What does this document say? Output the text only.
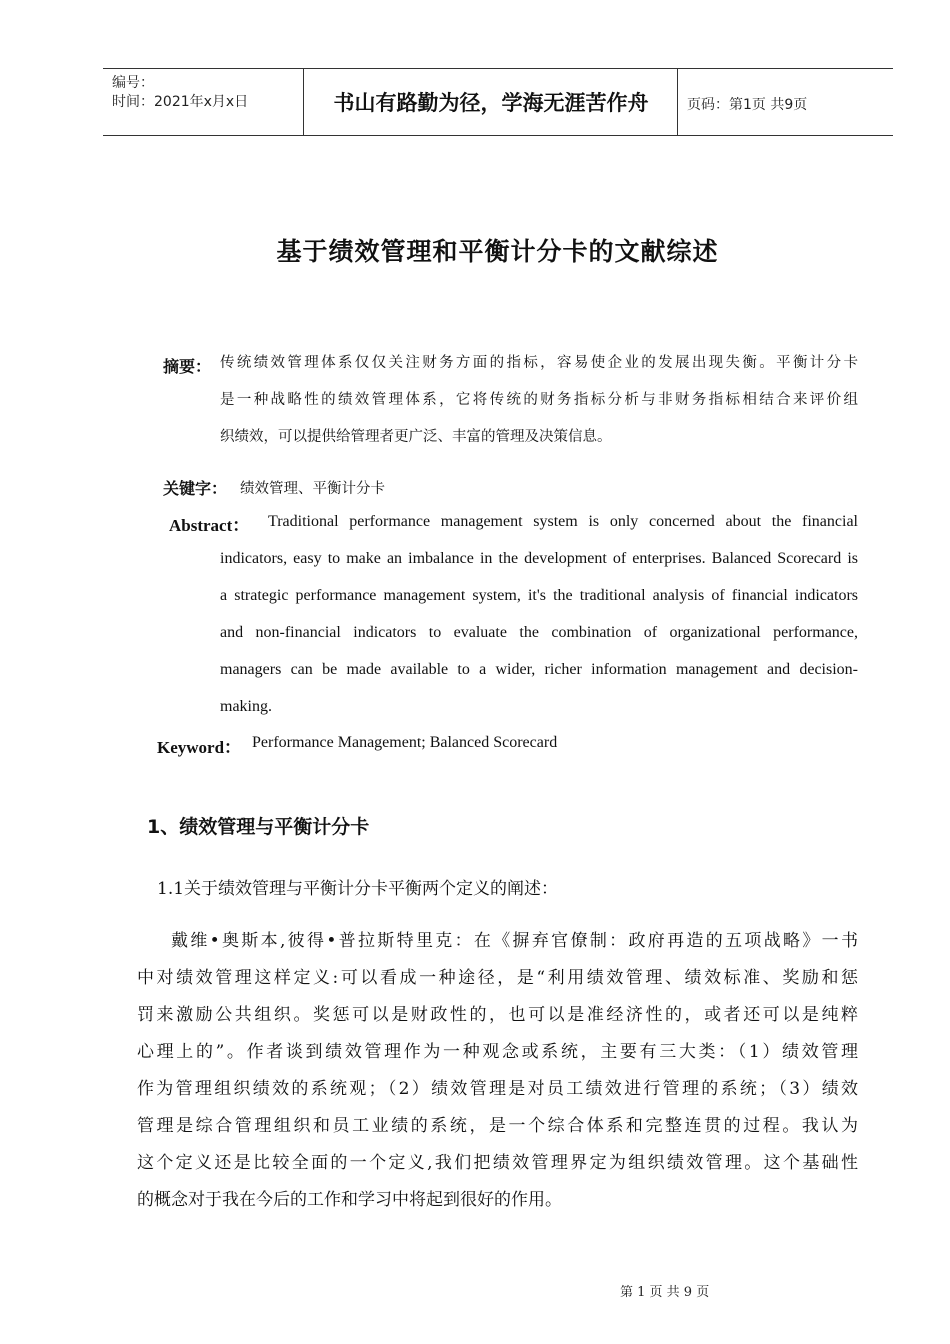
编号：
时间：2021年x月x日	书山有路勤为径，学海无涯苦作舟	页码：第1页 共9页
基于绩效管理和平衡计分卡的文献综述
摘要： 传统绩效管理体系仅仅关注财务方面的指标，容易使企业的发展出现失衡。平衡计分卡
是一种战略性的绩效管理体系，它将传统的财务指标分析与非财务指标相结合来评价组
织绩效，可以提供给管理者更广泛、丰富的管理及决策信息。
关键字： 绩效管理、平衡计分卡
Abstract： Traditional performance management system is only concerned about the financial
indicators, easy to make an imbalance in the development of enterprises. Balanced Scorecard is
a strategic performance management system, it's the traditional analysis of financial indicators
and non-financial indicators to evaluate the combination of organizational performance,
managers can be made available to a wider, richer information management and decision-
making.
Keyword： Performance Management; Balanced Scorecard
1、绩效管理与平衡计分卡
1.1关于绩效管理与平衡计分卡平衡两个定义的阐述：
戴维•奥斯本,彼得•普拉斯特里克：在《摒弃官僚制：政府再造的五项战略》一书
中对绩效管理这样定义:可以看成一种途径，是“利用绩效管理、绩效标准、奖励和惩
罚来激励公共组织。奖惩可以是财政性的，也可以是准经济性的，或者还可以是纯粹
心理上的”。作者谈到绩效管理作为一种观念或系统，主要有三大类：（1）绩效管理
作为管理组织绩效的系统观；（2）绩效管理是对员工绩效进行管理的系统；（3）绩效
管理是综合管理组织和员工业绩的系统，是一个综合体系和完整连贯的过程。我认为
这个定义还是比较全面的一个定义,我们把绩效管理界定为组织绩效管理。这个基础性
的概念对于我在今后的工作和学习中将起到很好的作用。
第 1 页 共 9 页
